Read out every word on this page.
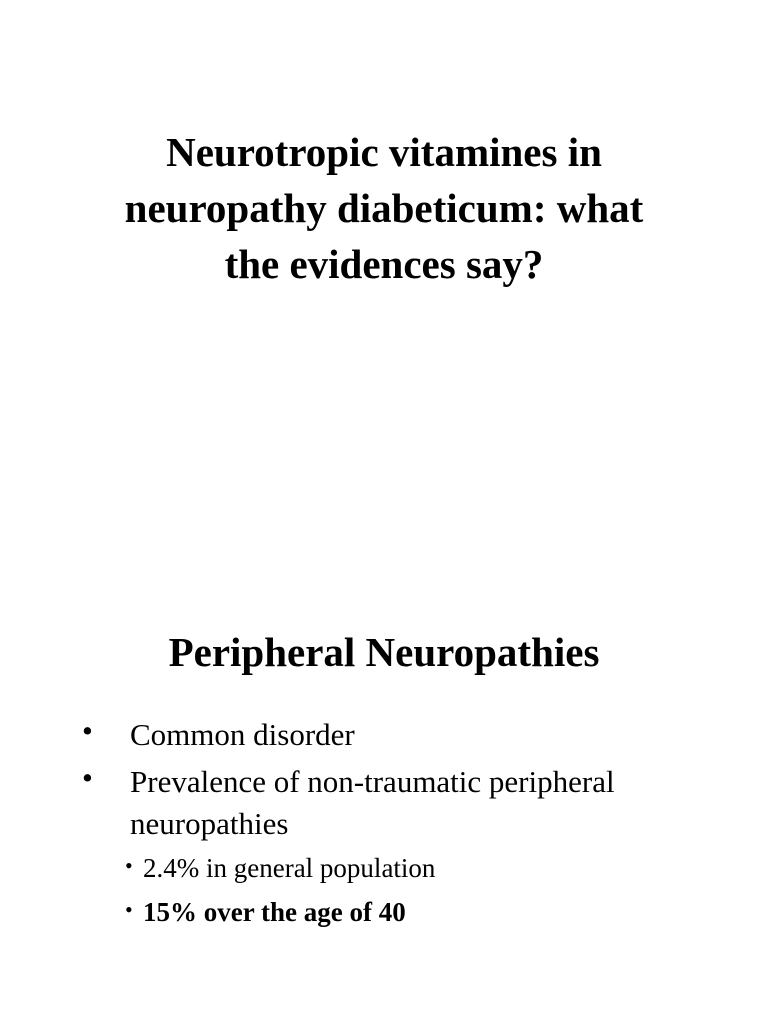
Neurotropic vitamines in
neuropathy diabeticum: what
the evidences say?
Peripheral Neuropathies
• Common disorder
• Prevalence of non-traumatic peripheral
neuropathies
• 2.4% in general population
• 15% over the age of 40
